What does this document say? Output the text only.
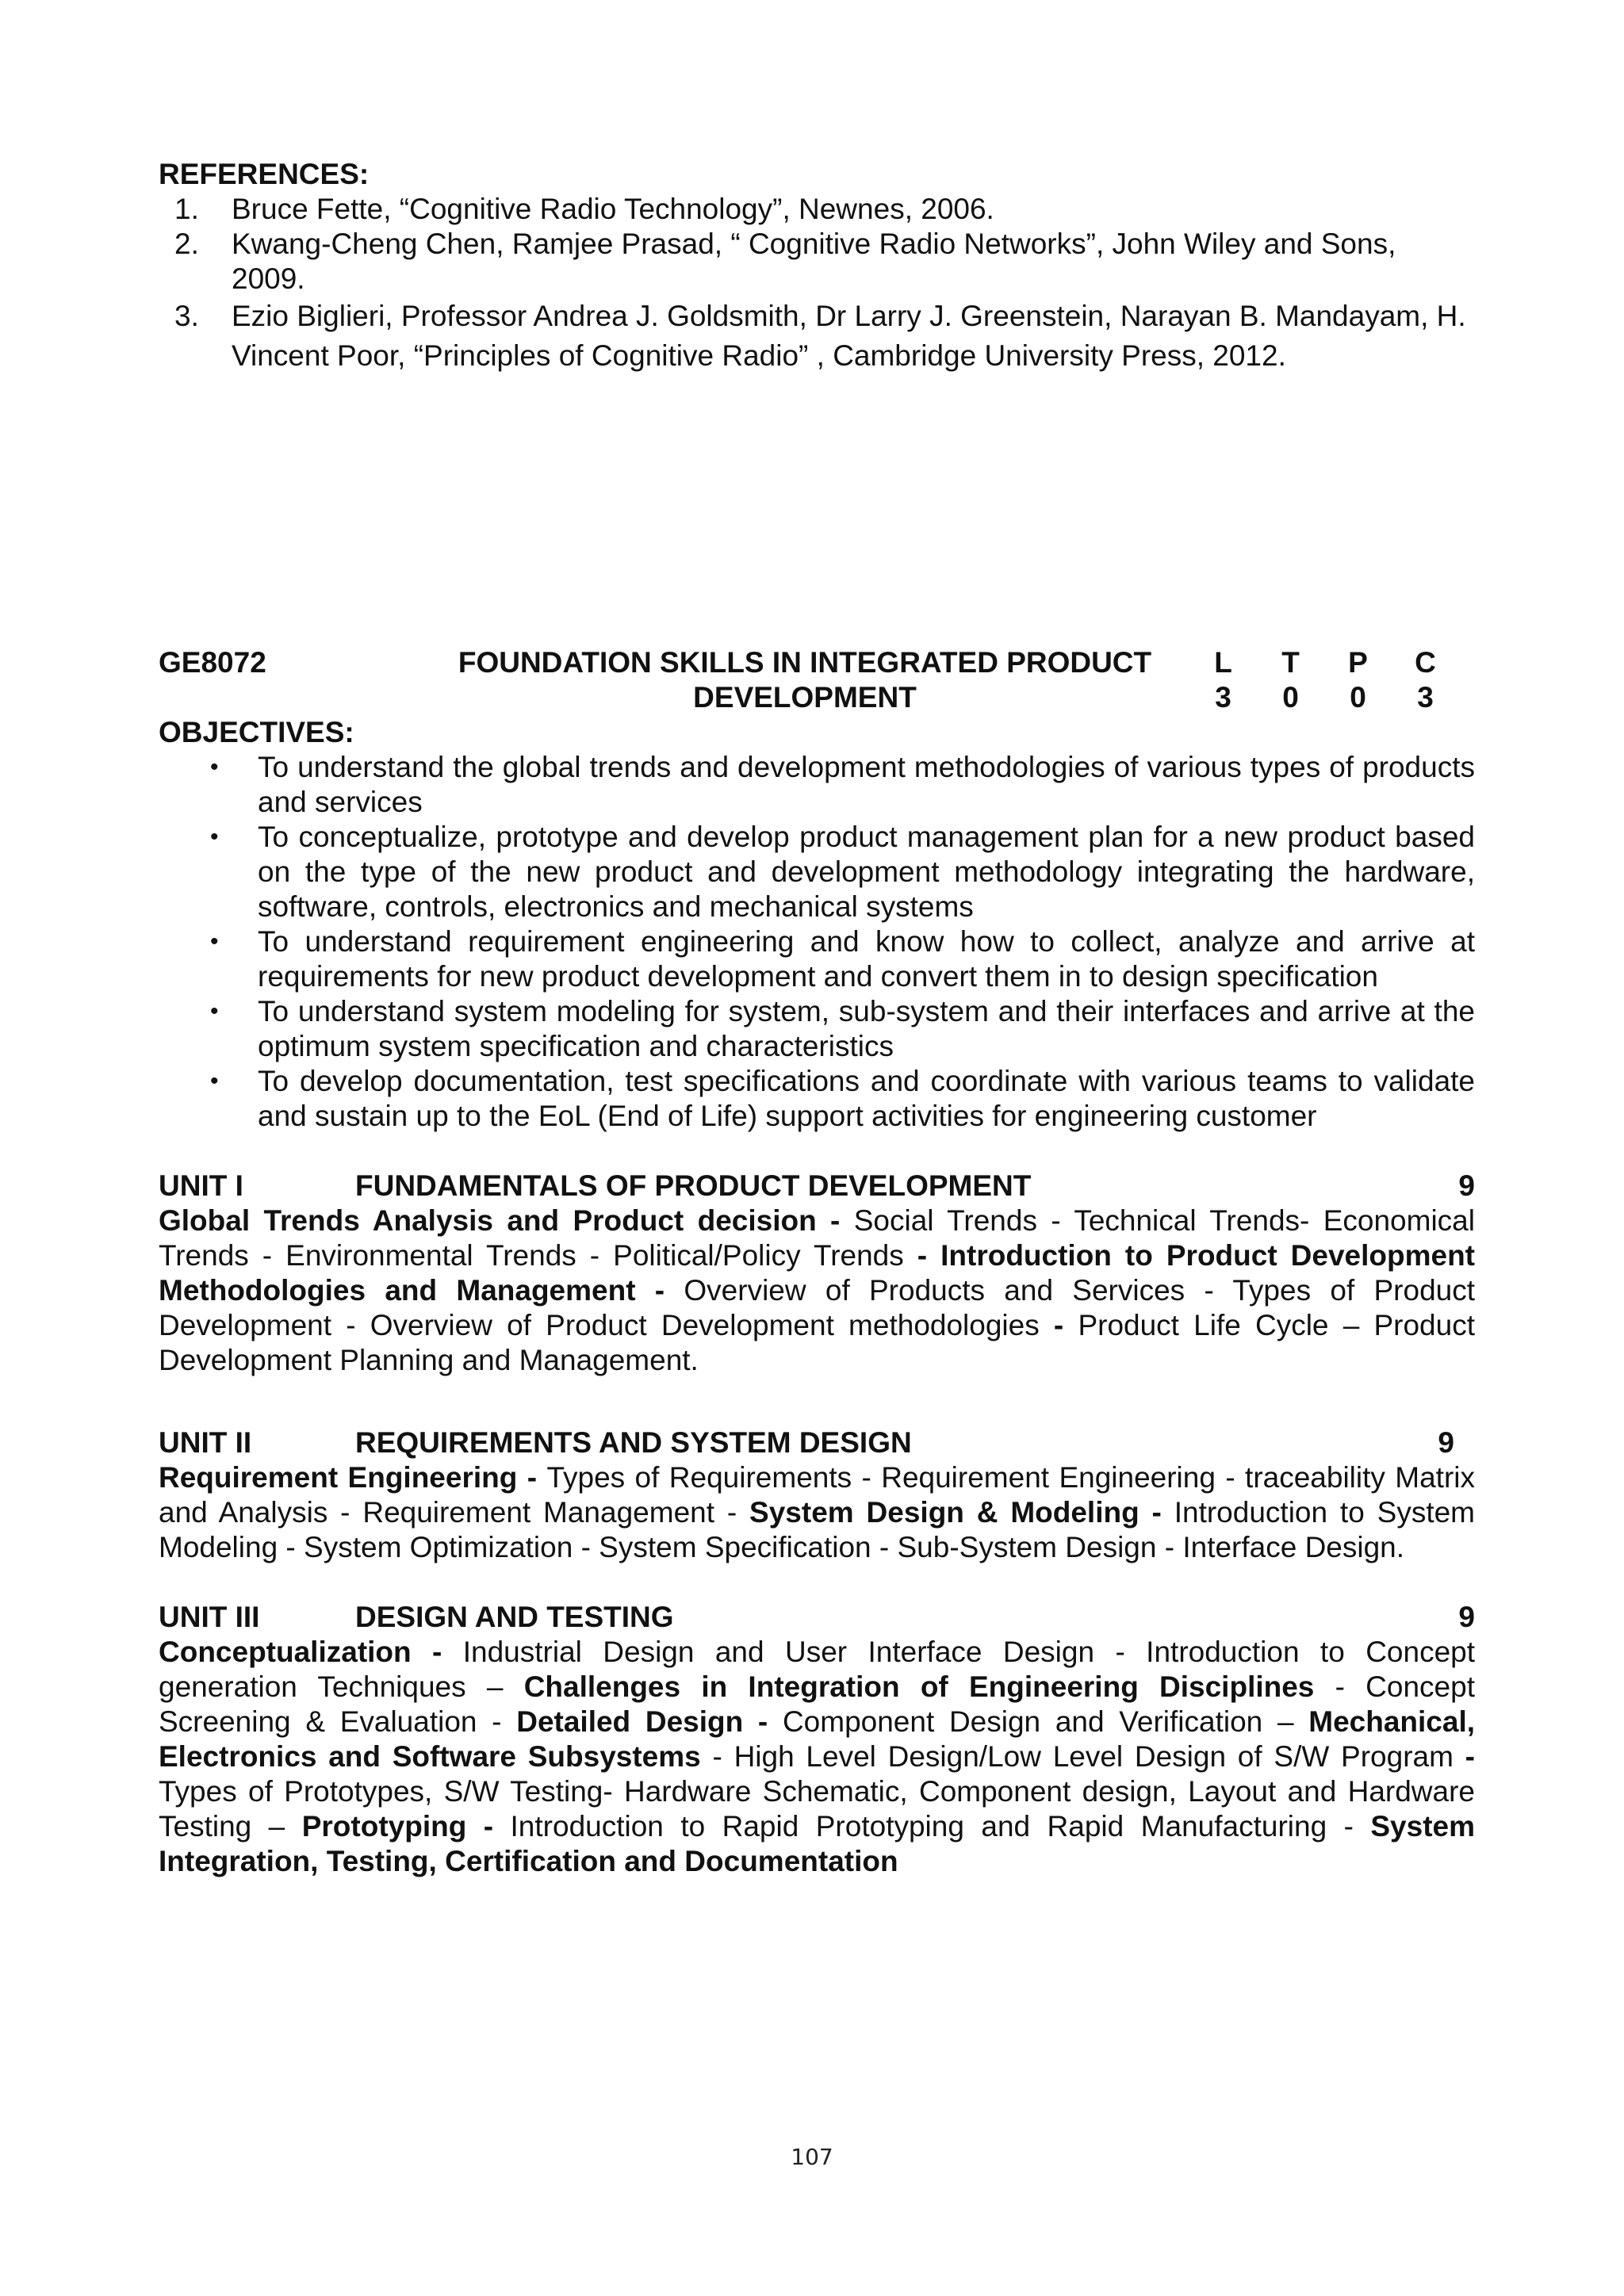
REFERENCES:
1.	Bruce Fette, “Cognitive Radio Technology”, Newnes, 2006.
2.	Kwang-Cheng Chen, Ramjee Prasad, “ Cognitive Radio Networks”, John Wiley and Sons, 2009.
3.	Ezio Biglieri, Professor Andrea J. Goldsmith, Dr Larry J. Greenstein, Narayan B. Mandayam, H. Vincent Poor, “Principles of Cognitive Radio” , Cambridge University Press, 2012.
GE8072	FOUNDATION SKILLS IN INTEGRATED PRODUCT
DEVELOPMENT
L	T	P	C
3	0	0	3
OBJECTIVES:
• To understand the global trends and development methodologies of various types of products and services
• To conceptualize, prototype and develop product management plan for a new product based on the type of the new product and development methodology integrating the hardware, software, controls, electronics and mechanical systems
• To understand requirement engineering and know how to collect, analyze and arrive at requirements for new product development and convert them in to design specification
• To understand system modeling for system, sub-system and their interfaces and arrive at the optimum system specification and characteristics
• To develop documentation, test specifications and coordinate with various teams to validate and sustain up to the EoL (End of Life) support activities for engineering customer
UNIT I	FUNDAMENTALS OF PRODUCT DEVELOPMENT	9
Global Trends Analysis and Product decision - Social Trends - Technical Trends- Economical Trends - Environmental Trends - Political/Policy Trends - Introduction to Product Development Methodologies and Management - Overview of Products and Services - Types of Product Development - Overview of Product Development methodologies - Product Life Cycle – Product Development Planning and Management.
UNIT II	REQUIREMENTS AND SYSTEM DESIGN	9
Requirement Engineering - Types of Requirements - Requirement Engineering - traceability Matrix and Analysis - Requirement Management - System Design & Modeling - Introduction to System Modeling - System Optimization - System Specification - Sub-System Design - Interface Design.
UNIT III	DESIGN AND TESTING	9
Conceptualization - Industrial Design and User Interface Design - Introduction to Concept generation Techniques – Challenges in Integration of Engineering Disciplines - Concept Screening & Evaluation - Detailed Design - Component Design and Verification – Mechanical, Electronics and Software Subsystems - High Level Design/Low Level Design of S/W Program - Types of Prototypes, S/W Testing- Hardware Schematic, Component design, Layout and Hardware Testing – Prototyping - Introduction to Rapid Prototyping and Rapid Manufacturing - System Integration, Testing, Certification and Documentation
107
